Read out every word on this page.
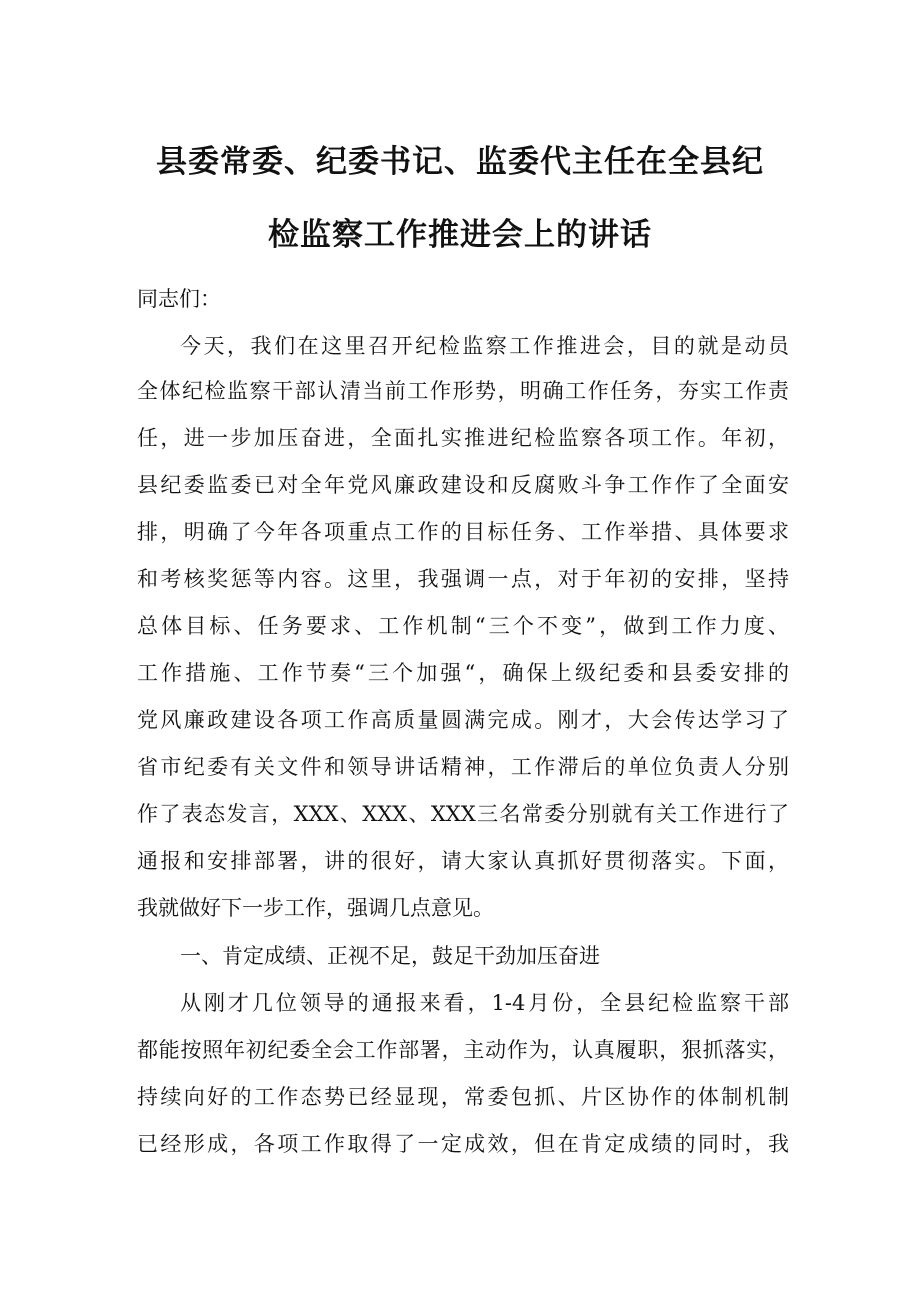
县委常委、纪委书记、监委代主任在全县纪
检监察工作推进会上的讲话
同志们：
今天，我们在这里召开纪检监察工作推进会，目的就是动员
全体纪检监察干部认清当前工作形势，明确工作任务，夯实工作责
任，进一步加压奋进，全面扎实推进纪检监察各项工作。年初，
县纪委监委已对全年党风廉政建设和反腐败斗争工作作了全面安
排，明确了今年各项重点工作的目标任务、工作举措、具体要求
和考核奖惩等内容。这里，我强调一点，对于年初的安排，坚持
总体目标、任务要求、工作机制“三个不变”，做到工作力度、
工作措施、工作节奏“三个加强“，确保上级纪委和县委安排的
党风廉政建设各项工作高质量圆满完成。刚才，大会传达学习了
省市纪委有关文件和领导讲话精神，工作滞后的单位负责人分别
作了表态发言，XXX、XXX、XXX三名常委分别就有关工作进行了
通报和安排部署，讲的很好，请大家认真抓好贯彻落实。下面，
我就做好下一步工作，强调几点意见。
一、肯定成绩、正视不足，鼓足干劲加压奋进
从刚才几位领导的通报来看，1-4月份，全县纪检监察干部
都能按照年初纪委全会工作部署，主动作为，认真履职，狠抓落实，
持续向好的工作态势已经显现，常委包抓、片区协作的体制机制
已经形成，各项工作取得了一定成效，但在肯定成绩的同时，我
